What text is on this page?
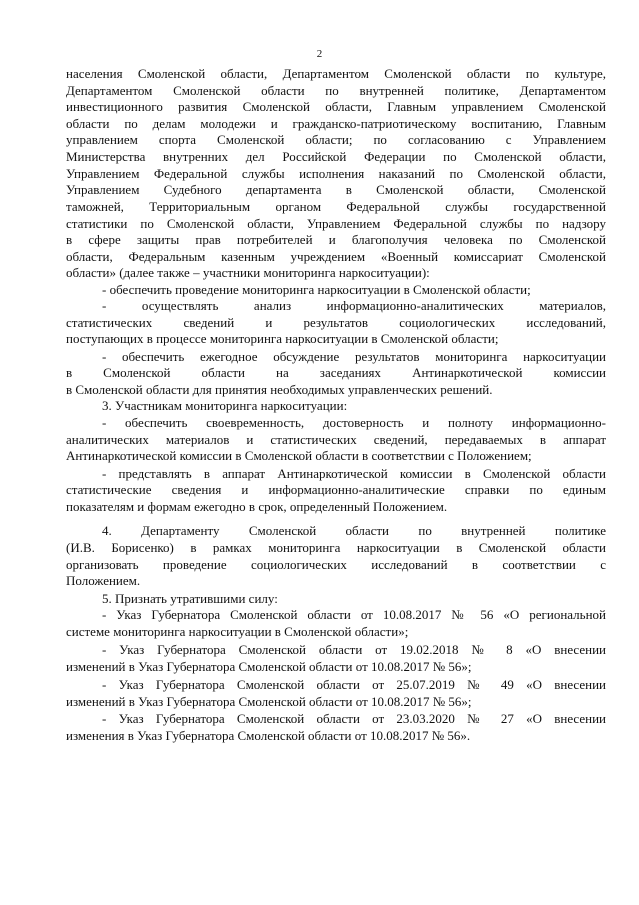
2
населения Смоленской области, Департаментом Смоленской области по культуре,
Департаментом Смоленской области по внутренней политике, Департаментом
инвестиционного развития Смоленской области, Главным управлением Смоленской
области по делам молодежи и гражданско-патриотическому воспитанию, Главным
управлением спорта Смоленской области; по согласованию с Управлением
Министерства внутренних дел Российской Федерации по Смоленской области,
Управлением Федеральной службы исполнения наказаний по Смоленской области,
Управлением Судебного департамента в Смоленской области, Смоленской
таможней, Территориальным органом Федеральной службы государственной
статистики по Смоленской области, Управлением Федеральной службы по надзору
в сфере защиты прав потребителей и благополучия человека по Смоленской
области, Федеральным казенным учреждением «Военный комиссариат Смоленской
области» (далее также – участники мониторинга наркоситуации):
- обеспечить проведение мониторинга наркоситуации в Смоленской области;
- осуществлять анализ информационно-аналитических материалов,
статистических сведений и результатов социологических исследований,
поступающих в процессе мониторинга наркоситуации в Смоленской области;
- обеспечить ежегодное обсуждение результатов мониторинга наркоситуации
в Смоленской области на заседаниях Антинаркотической комиссии
в Смоленской области для принятия необходимых управленческих решений.
3. Участникам мониторинга наркоситуации:
- обеспечить своевременность, достоверность и полноту информационно-
аналитических материалов и статистических сведений, передаваемых в аппарат
Антинаркотической комиссии в Смоленской области в соответствии с Положением;
- представлять в аппарат Антинаркотической комиссии в Смоленской области
статистические сведения и информационно-аналитические справки по единым
показателям и формам ежегодно в срок, определенный Положением.
4. Департаменту Смоленской области по внутренней политике
(И.В. Борисенко) в рамках мониторинга наркоситуации в Смоленской области
организовать проведение социологических исследований в соответствии с
Положением.
5. Признать утратившими силу:
- Указ Губернатора Смоленской области от 10.08.2017 № 56 «О региональной
системе мониторинга наркоситуации в Смоленской области»;
- Указ Губернатора Смоленской области от 19.02.2018 № 8 «О внесении
изменений в Указ Губернатора Смоленской области от 10.08.2017 № 56»;
- Указ Губернатора Смоленской области от 25.07.2019 № 49 «О внесении
изменений в Указ Губернатора Смоленской области от 10.08.2017 № 56»;
- Указ Губернатора Смоленской области от 23.03.2020 № 27 «О внесении
изменения в Указ Губернатора Смоленской области от 10.08.2017 № 56».
